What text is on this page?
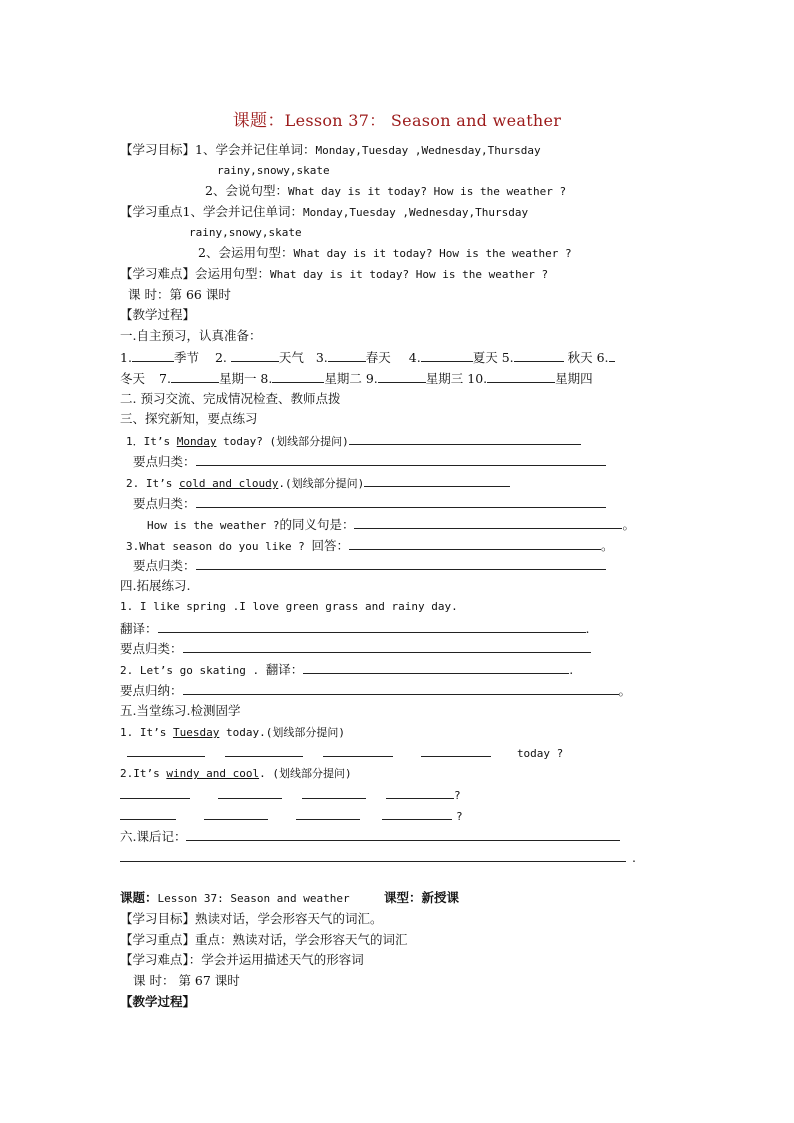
课题：Lesson 37： Season and weather
【学习目标】1、学会并记住单词：Monday,Tuesday ,Wednesday,Thursday
rainy,snowy,skate
2、会说句型：What day is it today? How is the weather ?
【学习重点1、学会并记住单词：Monday,Tuesday ,Wednesday,Thursday
rainy,snowy,skate
2、会运用句型：What day is it today? How is the weather ?
【学习难点】会运用句型：What day is it today? How is the weather ?
课 时：第 66 课时
【教学过程】
一.自主预习，认真准备：
1.	季节 2.	天气 3.	春天 4.	夏天 5.	秋天 6.
冬天 7.	星期一 8.	星期二 9.	星期三 10.	星期四
二. 预习交流、完成情况检查、教师点拨
三、探究新知，要点练习
1．It’s Monday today? (划线部分提问)
要点归类：
2. It’s cold and cloudy.(划线部分提问)
要点归类：
How is the weather ?的同义句是：	。
3.What season do you like ? 回答：	。
要点归类：
四.拓展练习.
1. I like spring .I love green grass and rainy day.
翻译：	.
要点归类：
2. Let’s go skating . 翻译：	.
要点归纳：	。
五.当堂练习.检测固学
1. It’s Tuesday today.(划线部分提问)
today ?
2.It’s windy and cool. (划线部分提问)
?
?
六.课后记：
.
课题：Lesson 37: Season and weather	课型：新授课
【学习目标】熟读对话，学会形容天气的词汇。
【学习重点】重点：熟读对话，学会形容天气的词汇
【学习难点】：学会并运用描述天气的形容词
课 时： 第 67 课时
【教学过程】
